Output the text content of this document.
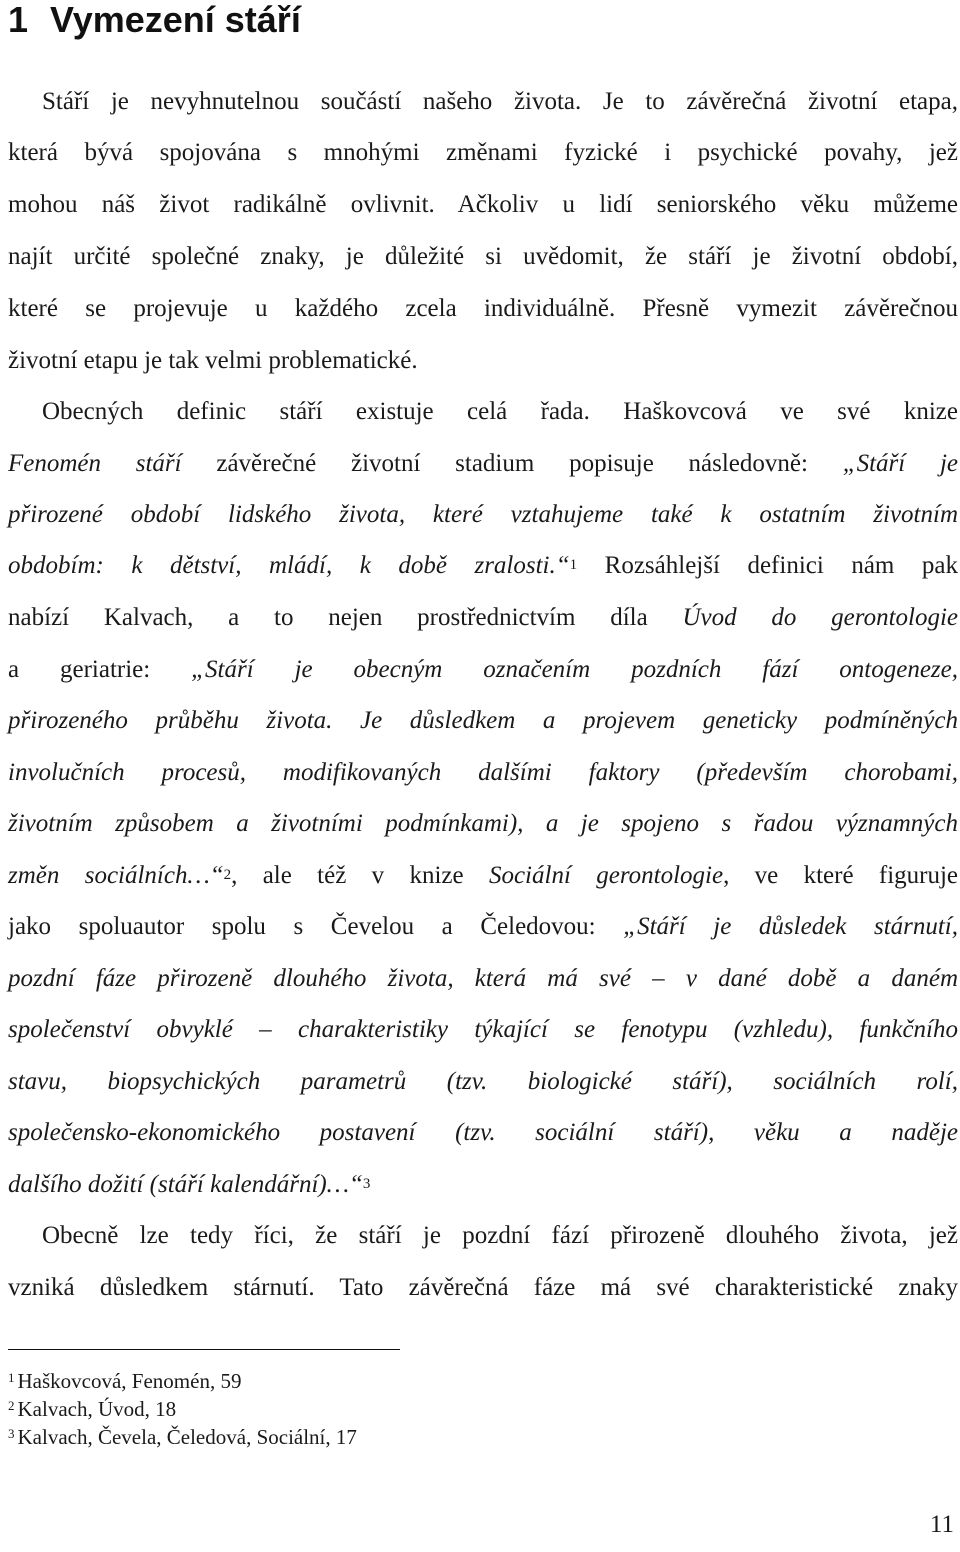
1 Vymezení stáří

Stáří je nevyhnutelnou součástí našeho života. Je to závěrečná životní etapa,

která bývá spojována s mnohými změnami fyzické i psychické povahy, jež

mohou náš život radikálně ovlivnit. Ačkoliv u lidí seniorského věku můžeme

najít určité společné znaky, je důležité si uvědomit, že stáří je životní období,

které se projevuje u každého zcela individuálně. Přesně vymezit závěrečnou

životní etapu je tak velmi problematické.

Obecných definic stáří existuje celá řada. Haškovcová ve své knize

Fenomén stáří závěrečné životní stadium popisuje následovně: „Stáří je

přirozené období lidského života, které vztahujeme také k ostatním životním

obdobím: k dětství, mládí, k době zralosti.“$^1$ Rozsáhlejší definici nám pak

nabízí Kalvach, a to nejen prostřednictvím díla Úvod do gerontologie

a geriatrie: „Stáří je obecným označením pozdních fází ontogeneze,

přirozeného průběhu života. Je důsledkem a projevem geneticky podmíněných

involučních procesů, modifikovaných dalšími faktory (především chorobami,

životním způsobem a životními podmínkami), a je spojeno s řadou významných

změn sociálních…“$^2$, ale též v knize Sociální gerontologie, ve které figuruje

jako spoluautor spolu s Čevelou a Čeledovou: „Stáří je důsledek stárnutí,

pozdní fáze přirozeně dlouhého života, která má své – v dané době a daném

společenství obvyklé – charakteristiky týkající se fenotypu (vzhledu), funkčního

stavu, biopsychických parametrů (tzv. biologické stáří), sociálních rolí,

společensko-ekonomického postavení (tzv. sociální stáří), věku a naděje

dalšího dožití (stáří kalendářní)…“$^3$

Obecně lze tedy říci, že stáří je pozdní fází přirozeně dlouhého života, jež

vzniká důsledkem stárnutí. Tato závěrečná fáze má své charakteristické znaky

$^1$ Haškovcová, Fenomén, 59

$^2$ Kalvach, Úvod, 18

$^3$ Kalvach, Čevela, Čeledová, Sociální, 17

11
